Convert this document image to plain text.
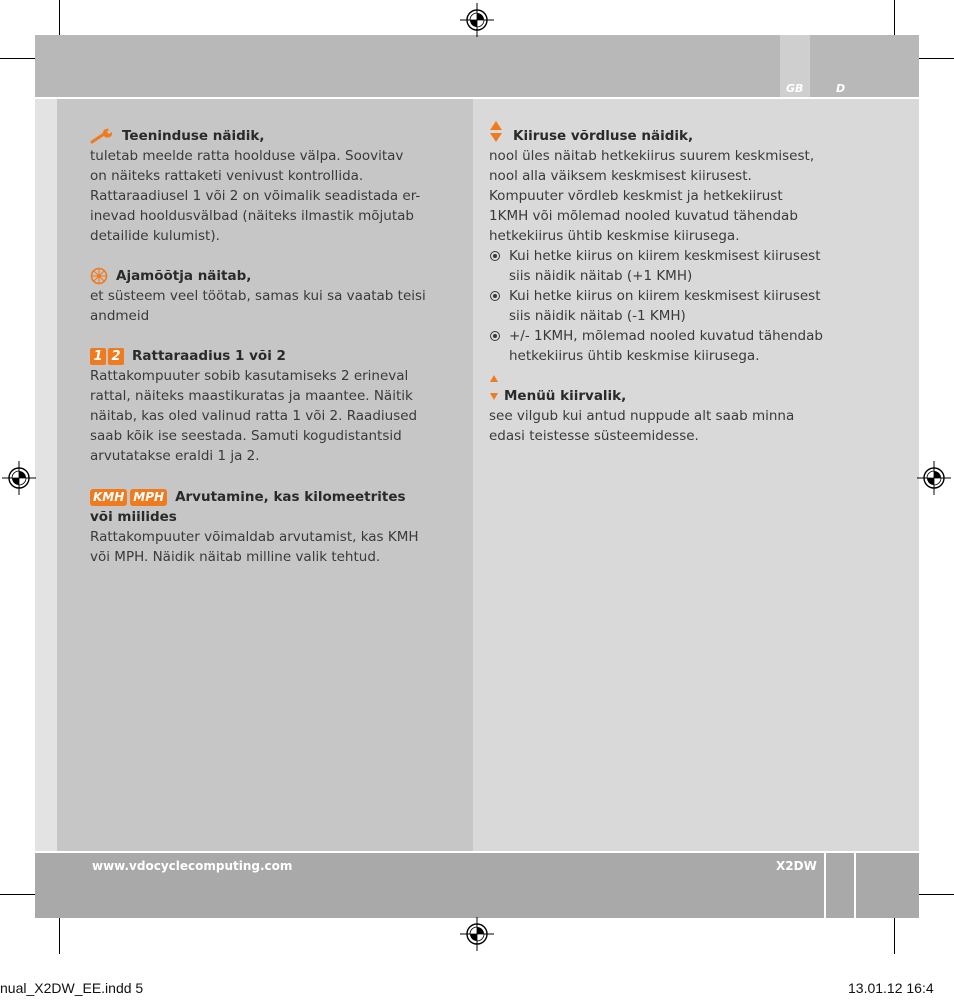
GB	D
www.vdocyclecomputing.com	X2DW
Teeninduse näidik,

tuletab meelde ratta hoolduse välpa. Soovitav
on näiteks rattaketi venivust kontrollida.
Rattaraadiusel 1 või 2 on võimalik seadistada er-
inevad hooldusvälbad (näiteks ilmastik mõjutab
detailide kulumist).

Ajamõõtja näitab,

et süsteem veel töötab, samas kui sa vaatab teisi
andmeid

1 2 Rattaraadius 1 või 2

Rattakompuuter sobib kasutamiseks 2 erineval
rattal, näiteks maastikuratas ja maantee. Näitik
näitab, kas oled valinud ratta 1 või 2. Raadiused
saab kõik ise seestada. Samuti kogudistantsid
arvutatakse eraldi 1 ja 2.

KMH MPH Arvutamine, kas kilomeetrites
või miilides

Rattakompuuter võimaldab arvutamist, kas KMH
või MPH. Näidik näitab milline valik tehtud.

Kiiruse võrdluse näidik,

nool üles näitab hetkekiirus suurem keskmisest,
nool alla väiksem keskmisest kiirusest.
Kompuuter võrdleb keskmist ja hetkekiirust
1KMH või mõlemad nooled kuvatud tähendab
hetkekiirus ühtib keskmise kiirusega.

Kui hetke kiirus on kiirem keskmisest kiirusest
siis näidik näitab (+1 KMH)

Kui hetke kiirus on kiirem keskmisest kiirusest
siis näidik näitab (-1 KMH)

+/- 1KMH, mõlemad nooled kuvatud tähendab
hetkekiirus ühtib keskmise kiirusega.

Menüü kiirvalik,

see vilgub kui antud nuppude alt saab minna
edasi teistesse süsteemidesse.

nual_X2DW_EE.indd 5	13.01.12 16:4
